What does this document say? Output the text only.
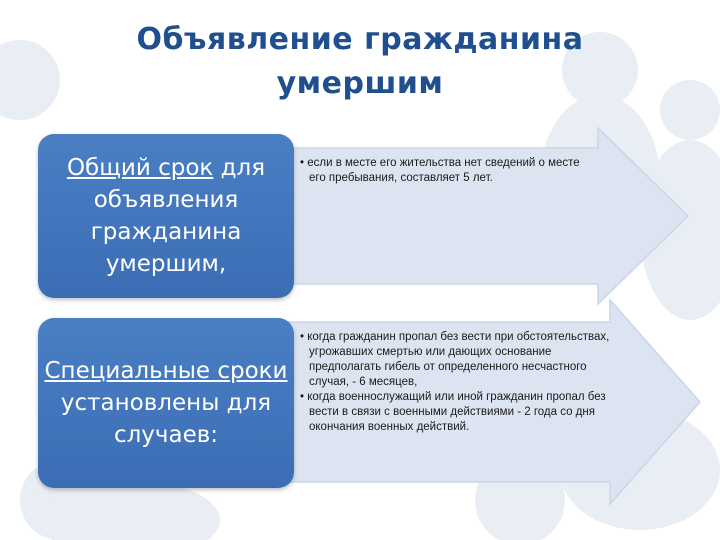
Объявление гражданина
умершим
Общий срок для объявления гражданина умершим,
Специальные сроки установлены для случаев:
• если в месте его жительства нет сведений о месте его пребывания, составляет 5 лет.
• когда гражданин пропал без вести при обстоятельствах, угрожавших смертью или дающих основание предполагать гибель от определенного несчастного случая, - 6 месяцев,
• когда военнослужащий или иной гражданин пропал без вести в связи с военными действиями - 2 года со дня окончания военных действий.
